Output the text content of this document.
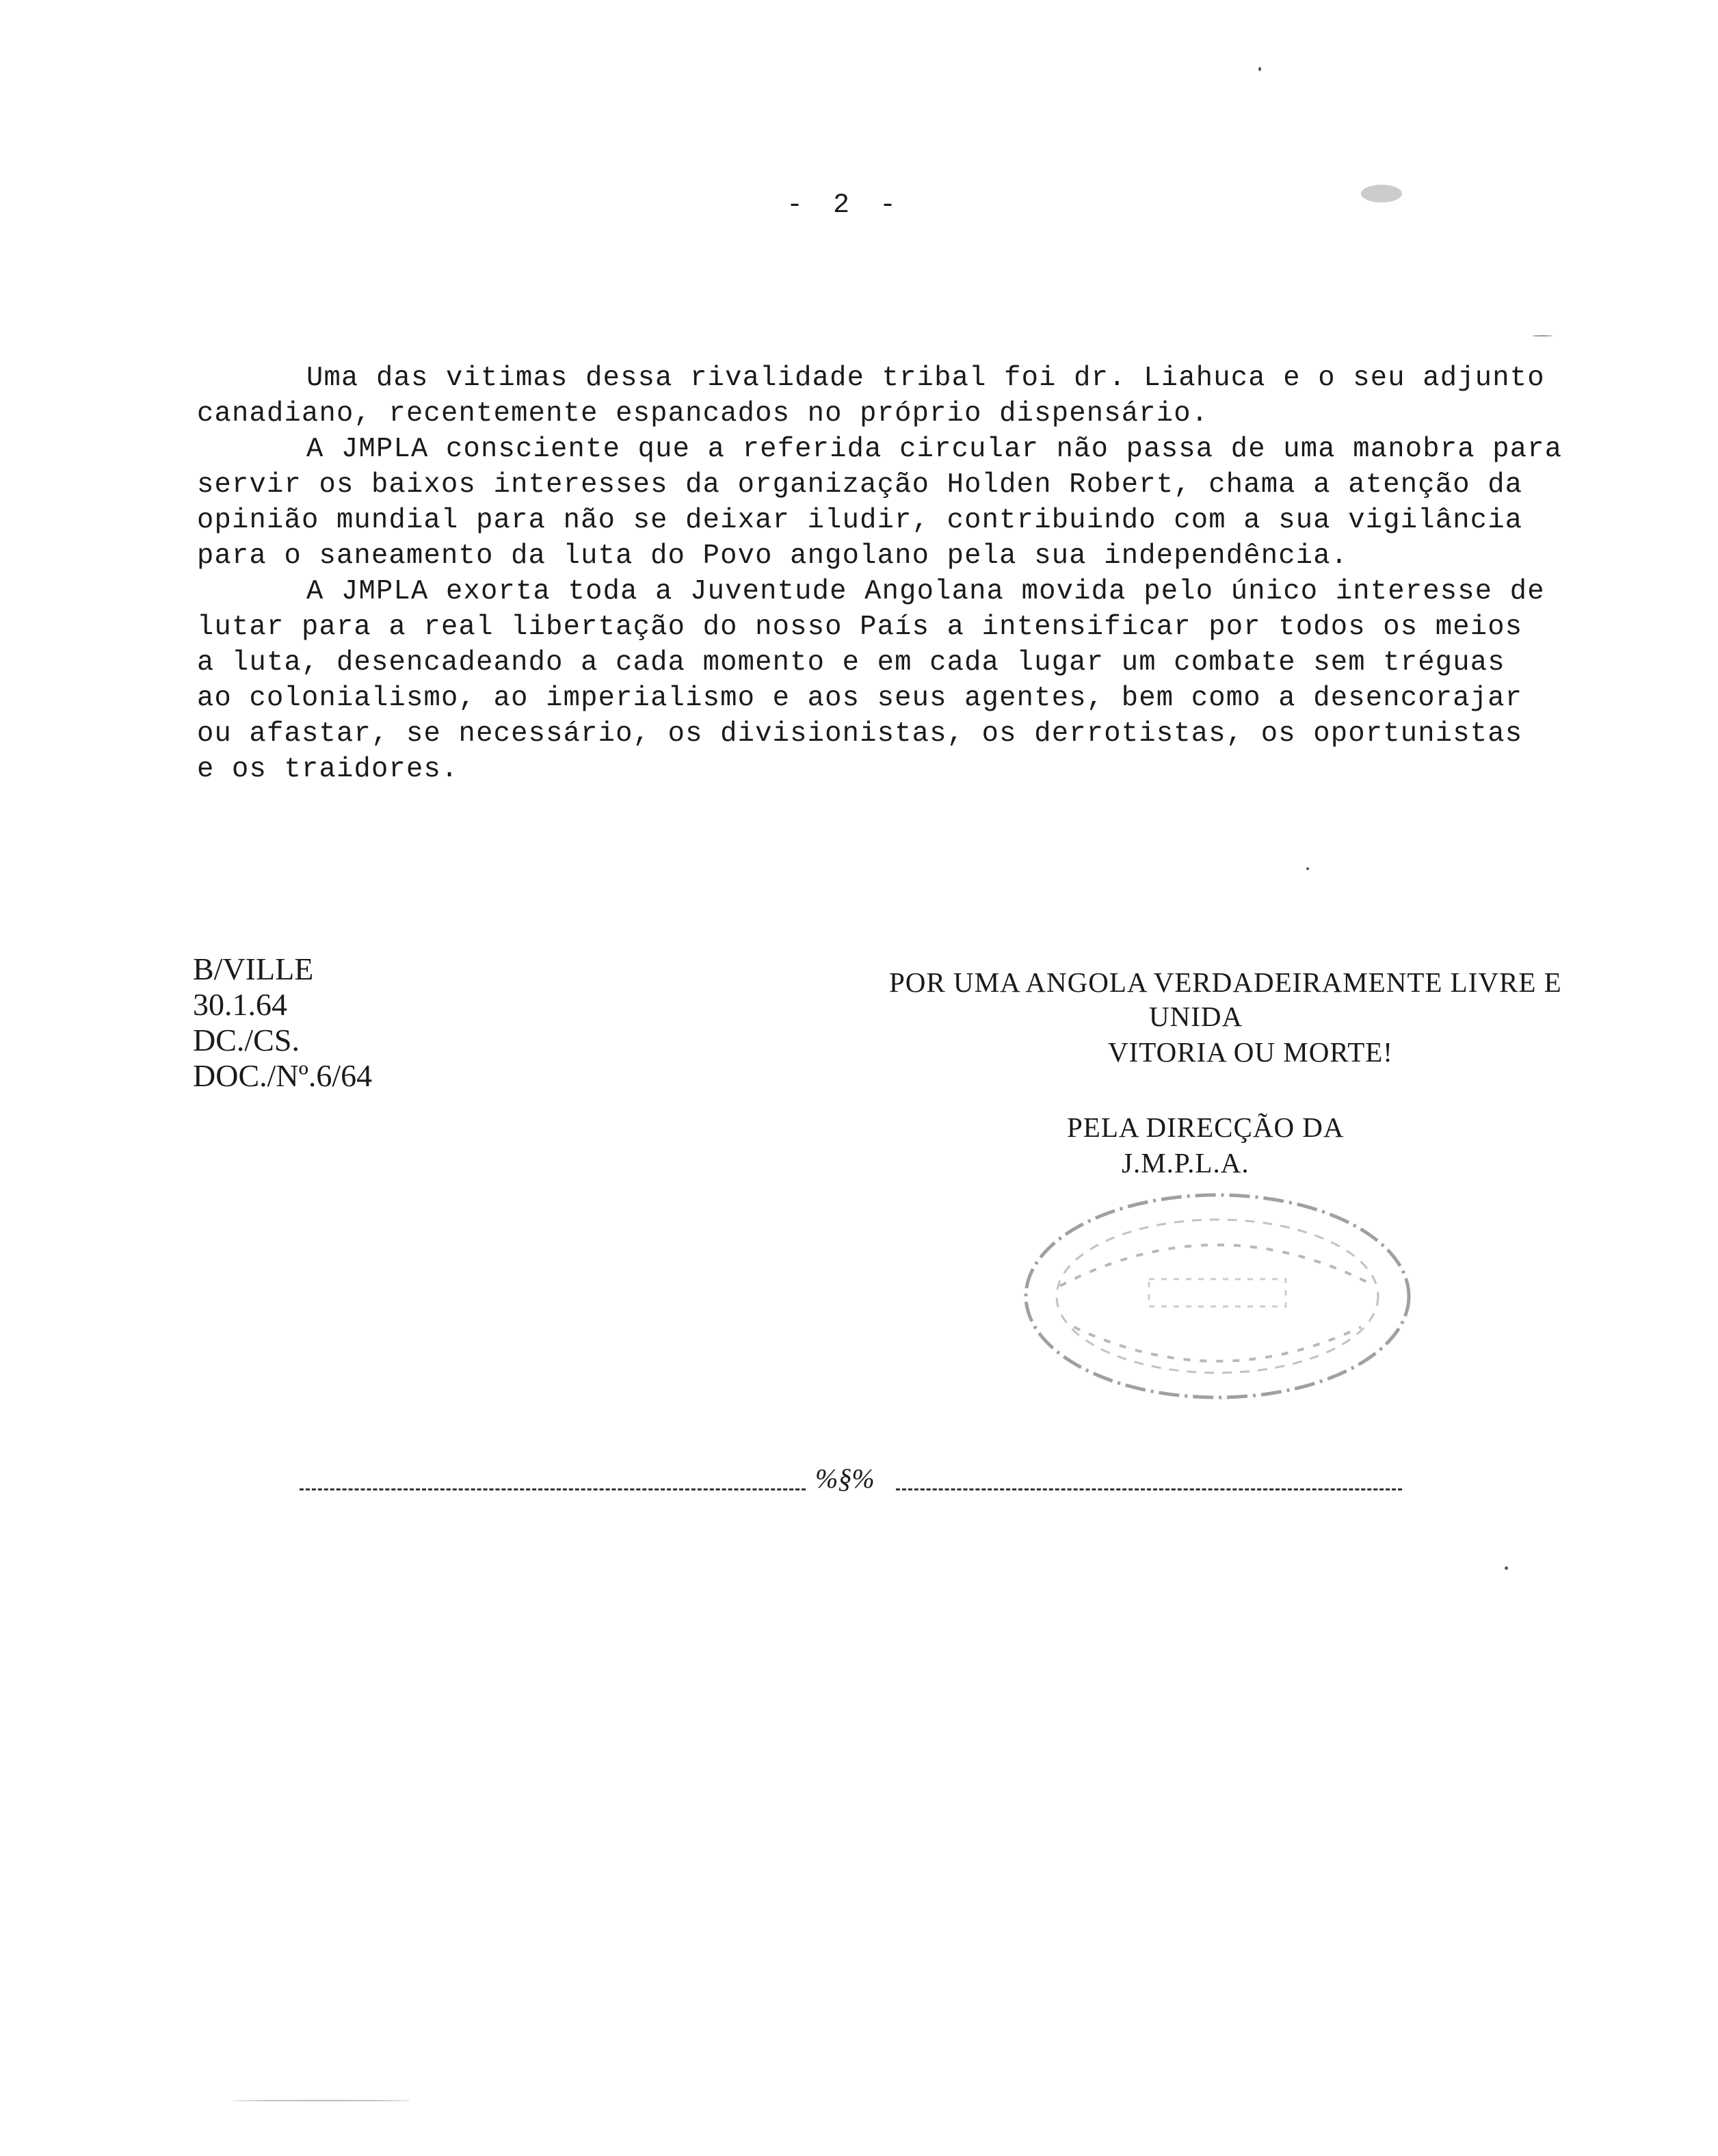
- 2 -
Uma das vitimas dessa rivalidade tribal foi dr. Liahuca e o seu adjunto
canadiano, recentemente espancados no próprio dispensário.
A JMPLA consciente que a referida circular não passa de uma manobra para
servir os baixos interesses da organização Holden Robert, chama a atenção da
opinião mundial para não se deixar iludir, contribuindo com a sua vigilância
para o saneamento da luta do Povo angolano pela sua independência.
A JMPLA exorta toda a Juventude Angolana movida pelo único interesse de
lutar para a real libertação do nosso País a intensificar por todos os meios
a luta, desencadeando a cada momento e em cada lugar um combate sem tréguas
ao colonialismo, ao imperialismo e aos seus agentes, bem como a desencorajar
ou afastar, se necessário, os divisionistas, os derrotistas, os oportunistas
e os traidores.
B/VILLE
30.1.64
DC./CS.
DOC./Nº.6/64
POR UMA ANGOLA VERDADEIRAMENTE LIVRE E
UNIDA
VITORIA OU MORTE!
PELA DIRECÇÃO DA
J.M.P.L.A.
%§%
